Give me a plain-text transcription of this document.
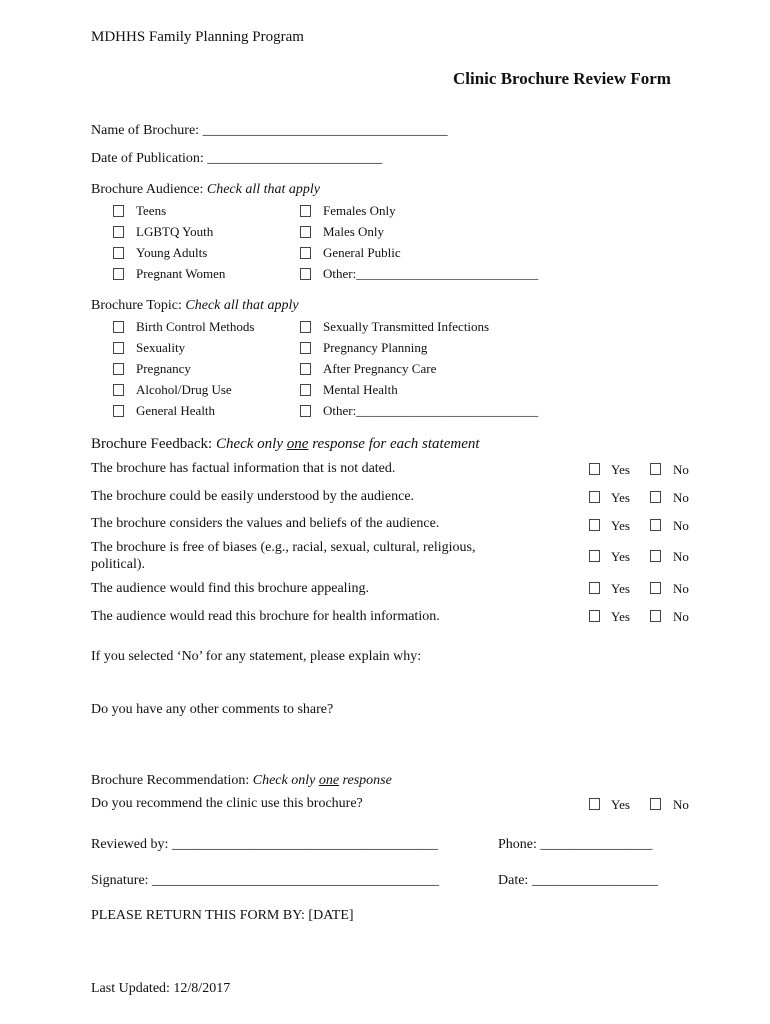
MDHHS Family Planning Program
Clinic Brochure Review Form
Name of Brochure: ___________________________________
Date of Publication: _________________________
Brochure Audience: Check all that apply
Teens
LGBTQ Youth
Young Adults
Pregnant Women
Females Only
Males Only
General Public
Other:____________________________
Brochure Topic: Check all that apply
Birth Control Methods
Sexuality
Pregnancy
Alcohol/Drug Use
General Health
Sexually Transmitted Infections
Pregnancy Planning
After Pregnancy Care
Mental Health
Other:____________________________
Brochure Feedback: Check only one response for each statement
The brochure has factual information that is not dated.	Yes	No
The brochure could be easily understood by the audience.	Yes	No
The brochure considers the values and beliefs of the audience.	Yes	No
The brochure is free of biases (e.g., racial, sexual, cultural, religious, political).
Yes	No
The audience would find this brochure appealing.	Yes	No
The audience would read this brochure for health information.	Yes	No
If you selected ‘No’ for any statement, please explain why:
Do you have any other comments to share?
Brochure Recommendation: Check only one response
Do you recommend the clinic use this brochure?	Yes	No
Reviewed by: ______________________________________	Phone: ________________
Signature: _________________________________________	Date: __________________
PLEASE RETURN THIS FORM BY: [DATE]
Last Updated: 12/8/2017
